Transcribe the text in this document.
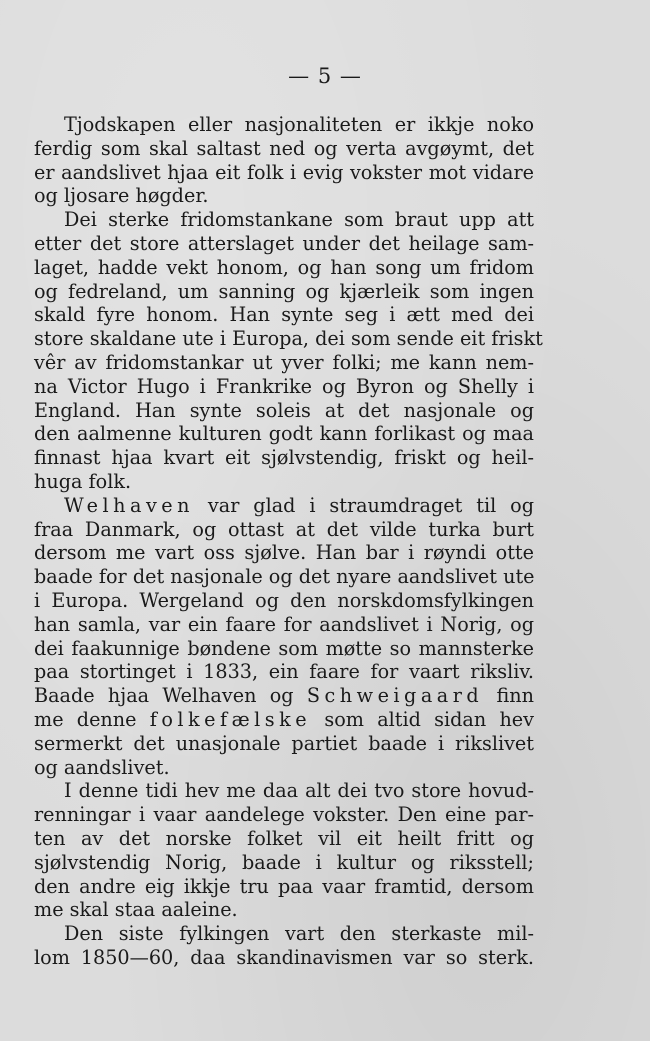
— 5 —
Tjodskapen eller nasjonaliteten er ikkje noko
ferdig som skal saltast ned og verta avgøymt, det
er aandslivet hjaa eit folk i evig vokster mot vidare
og ljosare høgder.
Dei sterke fridomstankane som braut upp att
etter det store atterslaget under det heilage sam-
laget, hadde vekt honom, og han song um fridom
og fedreland, um sanning og kjærleik som ingen
skald fyre honom. Han synte seg i ætt med dei
store skaldane ute i Europa, dei som sende eit friskt
vêr av fridomstankar ut yver folki; me kann nem-
na Victor Hugo i Frankrike og Byron og Shelly i
England. Han synte soleis at det nasjonale og
den aalmenne kulturen godt kann forlikast og maa
finnast hjaa kvart eit sjølvstendig, friskt og heil-
huga folk.
Welhaven var glad i straumdraget til og
fraa Danmark, og ottast at det vilde turka burt
dersom me vart oss sjølve. Han bar i røyndi otte
baade for det nasjonale og det nyare aandslivet ute
i Europa. Wergeland og den norskdomsfylkingen
han samla, var ein faare for aandslivet i Norig, og
dei faakunnige bøndene som møtte so mannsterke
paa stortinget i 1833, ein faare for vaart riksliv.
Baade hjaa Welhaven og Schweigaard finn
me denne folkefælske som altid sidan hev
sermerkt det unasjonale partiet baade i rikslivet
og aandslivet.
I denne tidi hev me daa alt dei tvo store hovud-
renningar i vaar aandelege vokster. Den eine par-
ten av det norske folket vil eit heilt fritt og
sjølvstendig Norig, baade i kultur og riksstell;
den andre eig ikkje tru paa vaar framtid, dersom
me skal staa aaleine.
Den siste fylkingen vart den sterkaste mil-
lom 1850—60, daa skandinavismen var so sterk.
